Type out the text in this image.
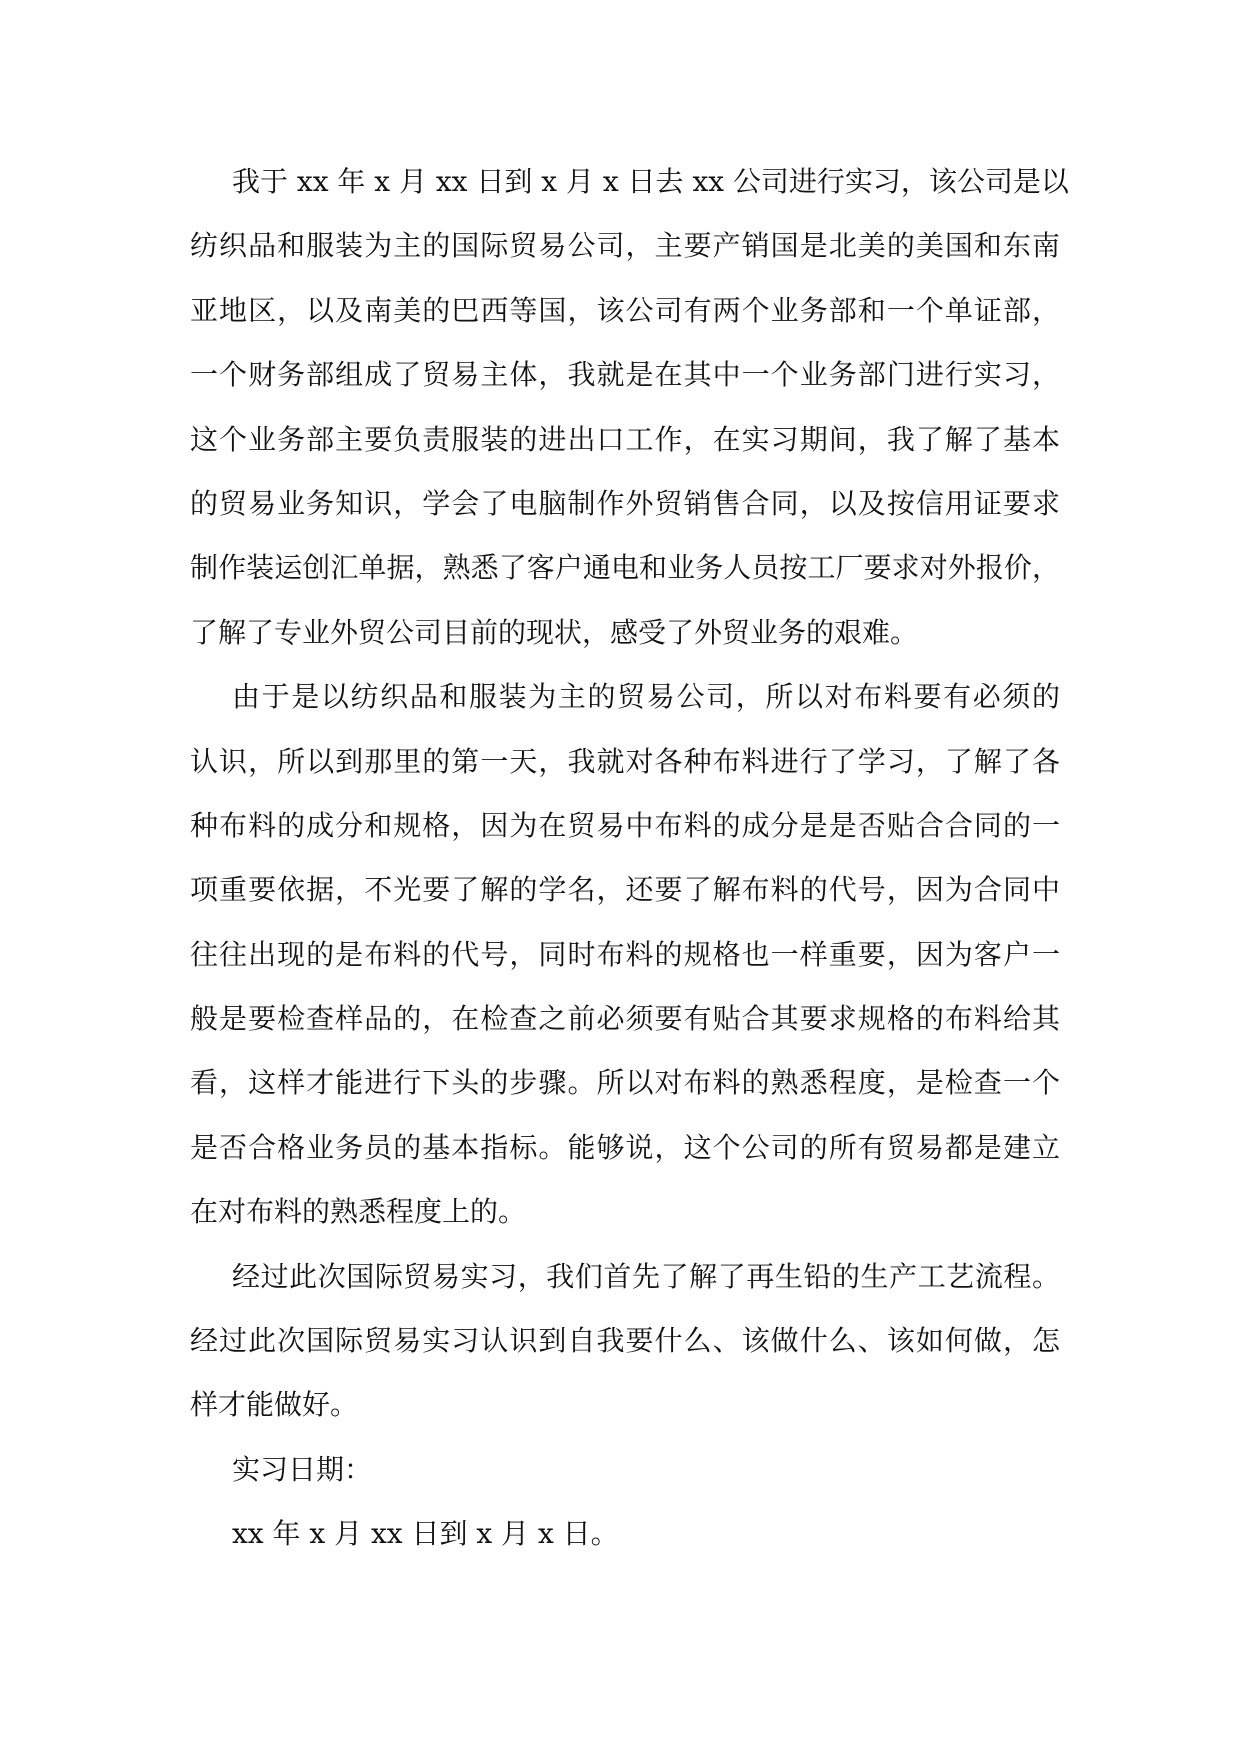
我于 xx 年 x 月 xx 日到 x 月 x 日去 xx 公司进行实习，该公司是以
纺织品和服装为主的国际贸易公司，主要产销国是北美的美国和东南
亚地区，以及南美的巴西等国，该公司有两个业务部和一个单证部，
一个财务部组成了贸易主体，我就是在其中一个业务部门进行实习，
这个业务部主要负责服装的进出口工作，在实习期间，我了解了基本
的贸易业务知识，学会了电脑制作外贸销售合同，以及按信用证要求
制作装运创汇单据，熟悉了客户通电和业务人员按工厂要求对外报价，
了解了专业外贸公司目前的现状，感受了外贸业务的艰难。
由于是以纺织品和服装为主的贸易公司，所以对布料要有必须的
认识，所以到那里的第一天，我就对各种布料进行了学习，了解了各
种布料的成分和规格，因为在贸易中布料的成分是是否贴合合同的一
项重要依据，不光要了解的学名，还要了解布料的代号，因为合同中
往往出现的是布料的代号，同时布料的规格也一样重要，因为客户一
般是要检查样品的，在检查之前必须要有贴合其要求规格的布料给其
看，这样才能进行下头的步骤。所以对布料的熟悉程度，是检查一个
是否合格业务员的基本指标。能够说，这个公司的所有贸易都是建立
在对布料的熟悉程度上的。
经过此次国际贸易实习，我们首先了解了再生铅的生产工艺流程。
经过此次国际贸易实习认识到自我要什么、该做什么、该如何做，怎
样才能做好。
实习日期：
xx 年 x 月 xx 日到 x 月 x 日。
